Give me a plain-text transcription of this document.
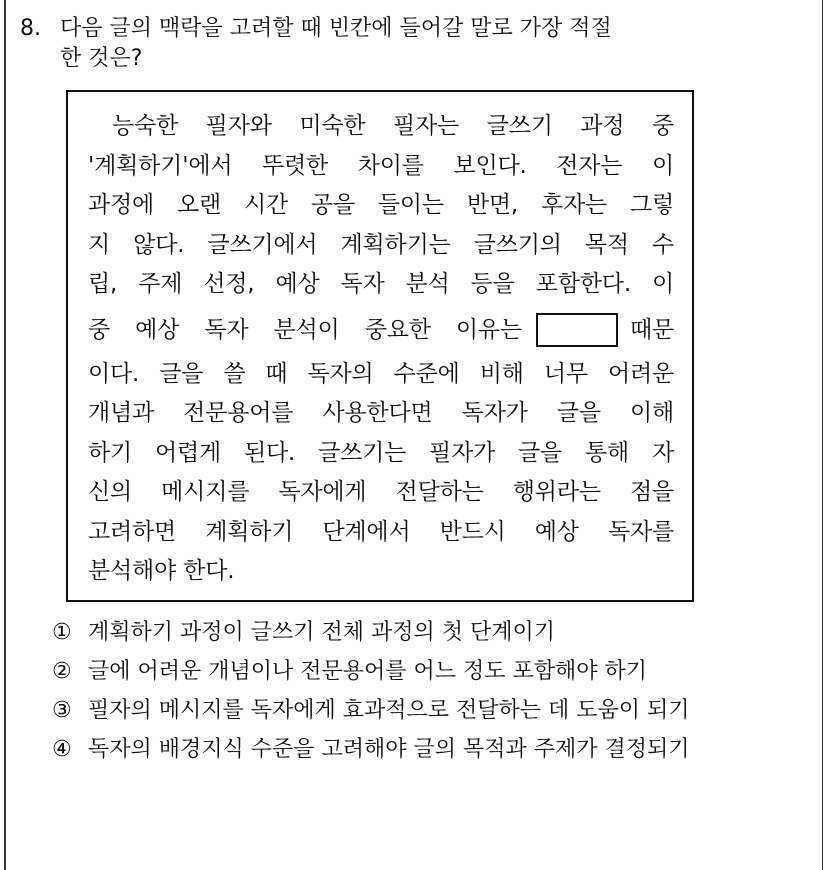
8. 다음 글의 맥락을 고려할 때 빈칸에 들어갈 말로 가장 적절
한 것은?
능숙한 필자와 미숙한 필자는 글쓰기 과정 중
'계획하기'에서 뚜렷한 차이를 보인다. 전자는 이
과정에 오랜 시간 공을 들이는 반면, 후자는 그렇
지 않다. 글쓰기에서 계획하기는 글쓰기의 목적 수
립, 주제 선정, 예상 독자 분석 등을 포함한다. 이
중 예상 독자 분석이 중요한 이유는	때문
이다. 글을 쓸 때 독자의 수준에 비해 너무 어려운
개념과 전문용어를 사용한다면 독자가 글을 이해
하기 어렵게 된다. 글쓰기는 필자가 글을 통해 자
신의 메시지를 독자에게 전달하는 행위라는 점을
고려하면 계획하기 단계에서 반드시 예상 독자를
분석해야 한다.
① 계획하기 과정이 글쓰기 전체 과정의 첫 단계이기
② 글에 어려운 개념이나 전문용어를 어느 정도 포함해야 하기
③ 필자의 메시지를 독자에게 효과적으로 전달하는 데 도움이 되기
④ 독자의 배경지식 수준을 고려해야 글의 목적과 주제가 결정되기
